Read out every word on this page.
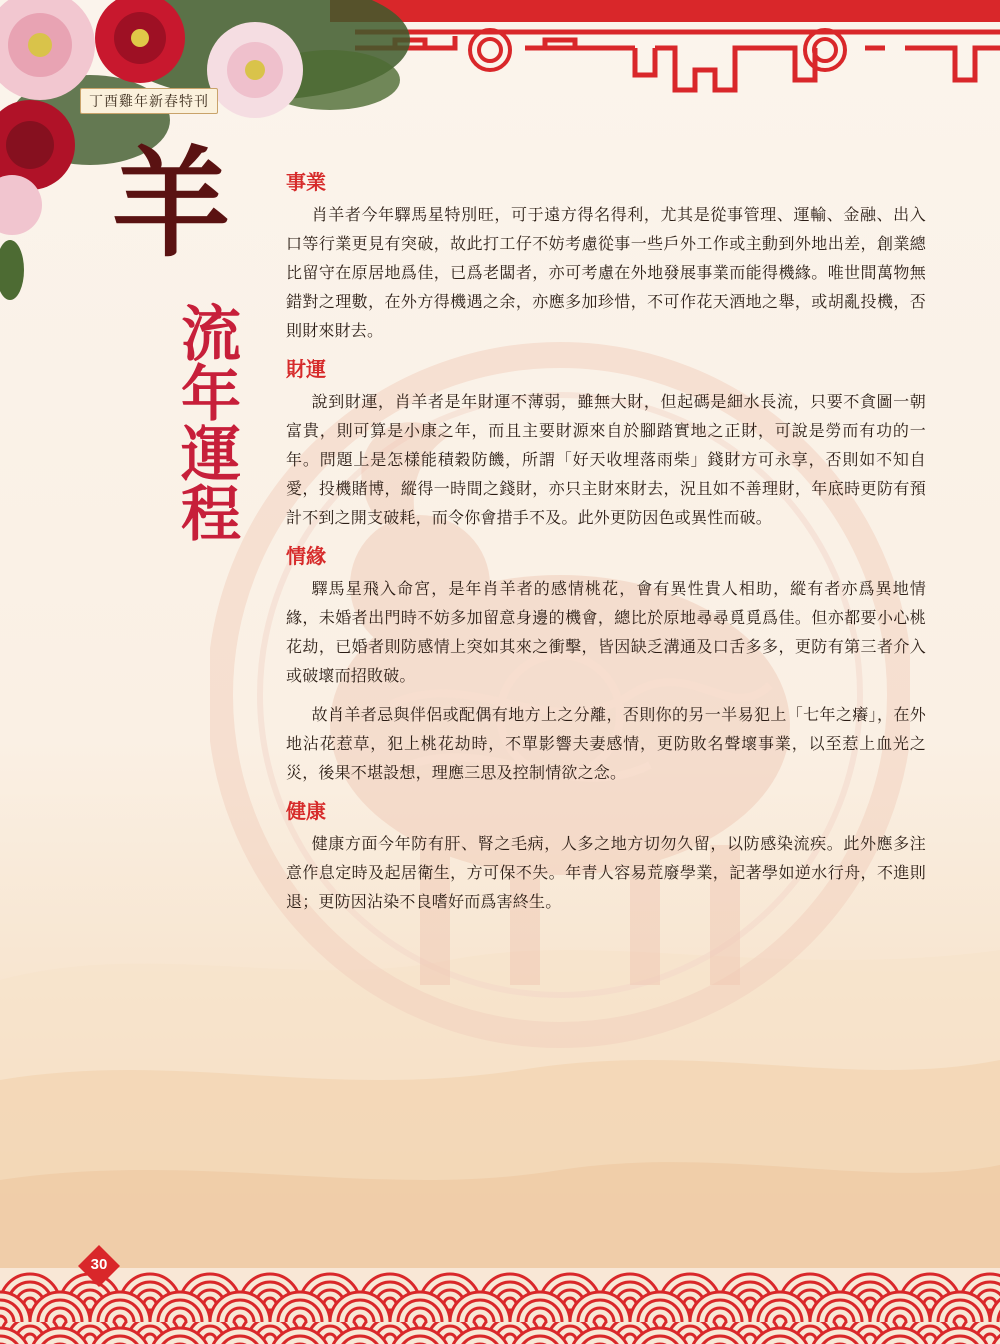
丁酉雞年新春特刊
羊
流
年
運
程
事業

肖羊者今年驛馬星特別旺，可于遠方得名得利，尤其是從事管理、運輸、金融、出入口等行業更見有突破，故此打工仔不妨考慮從事一些戶外工作或主動到外地出差，創業總比留守在原居地爲佳，已爲老闆者，亦可考慮在外地發展事業而能得機緣。唯世間萬物無錯對之理數，在外方得機遇之余，亦應多加珍惜，不可作花天酒地之舉，或胡亂投機，否則財來財去。

財運

說到財運，肖羊者是年財運不薄弱，雖無大財，但起碼是細水長流，只要不貪圖一朝富貴，則可算是小康之年，而且主要財源來自於腳踏實地之正財，可說是勞而有功的一年。問題上是怎樣能積穀防饑，所謂「好天收埋落雨柴」錢財方可永享，否則如不知自愛，投機賭博，縱得一時間之錢財，亦只主財來財去，況且如不善理財，年底時更防有預計不到之開支破耗，而令你會措手不及。此外更防因色或異性而破。

情緣

驛馬星飛入命宮，是年肖羊者的感情桃花，會有異性貴人相助，縱有者亦爲異地情緣，未婚者出門時不妨多加留意身邊的機會，總比於原地尋尋覓覓爲佳。但亦都要小心桃花劫，已婚者則防感情上突如其來之衝擊，皆因缺乏溝通及口舌多多，更防有第三者介入或破壞而招敗破。

故肖羊者忌與伴侶或配偶有地方上之分離，否則你的另一半易犯上「七年之癢」，在外地沾花惹草，犯上桃花劫時，不單影響夫妻感情，更防敗名聲壞事業，以至惹上血光之災，後果不堪設想，理應三思及控制情欲之念。

健康

健康方面今年防有肝、腎之毛病，人多之地方切勿久留，以防感染流疾。此外應多注意作息定時及起居衛生，方可保不失。年青人容易荒廢學業，記著學如逆水行舟，不進則退；更防因沾染不良嗜好而爲害終生。

30
